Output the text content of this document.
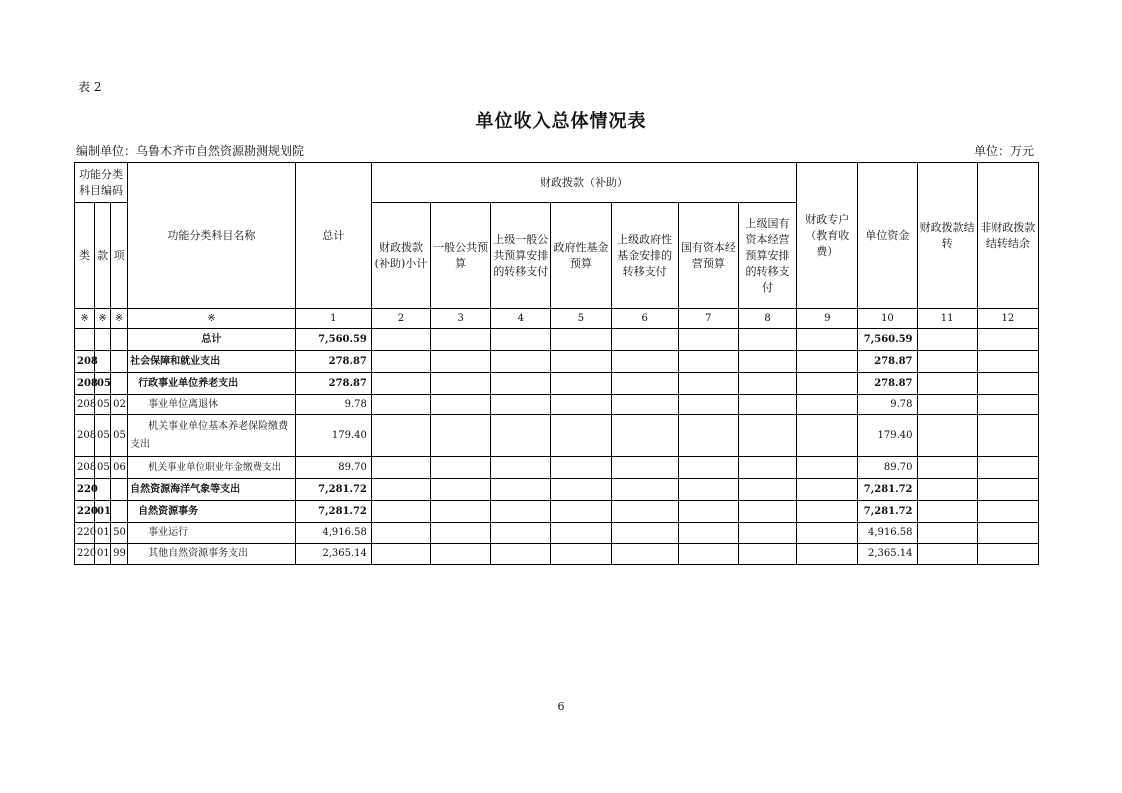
表 2
单位收入总体情况表
编制单位：乌鲁木齐市自然资源勘测规划院	单位：万元
功能分类科目编码			功能分类科目名称	总计	财政拨款（补助）							财政专户（教育收费）	单位资金	财政拨款结转	非财政拨款结转结余
类	款	项			财政拨款(补助)小计	一般公共预算	上级一般公共预算安排的转移支付	政府性基金预算	上级政府性基金安排的转移支付	国有资本经营预算	上级国有资本经营预算安排的转移支付				
※	※	※	※	1	2	3	4	5	6	7	8	9	10	11	12
			总计	7,560.59									7,560.59		
208			社会保障和就业支出	278.87									278.87		
208	05		行政事业单位养老支出	278.87									278.87		
208	05	02	事业单位离退休	9.78									9.78		
208	05	05	机关事业单位基本养老保险缴费支出	179.40									179.40		
208	05	06	机关事业单位职业年金缴费支出	89.70									89.70		
220			自然资源海洋气象等支出	7,281.72									7,281.72		
220	01		自然资源事务	7,281.72									7,281.72		
220	01	50	事业运行	4,916.58									4,916.58		
220	01	99	其他自然资源事务支出	2,365.14									2,365.14		
6
